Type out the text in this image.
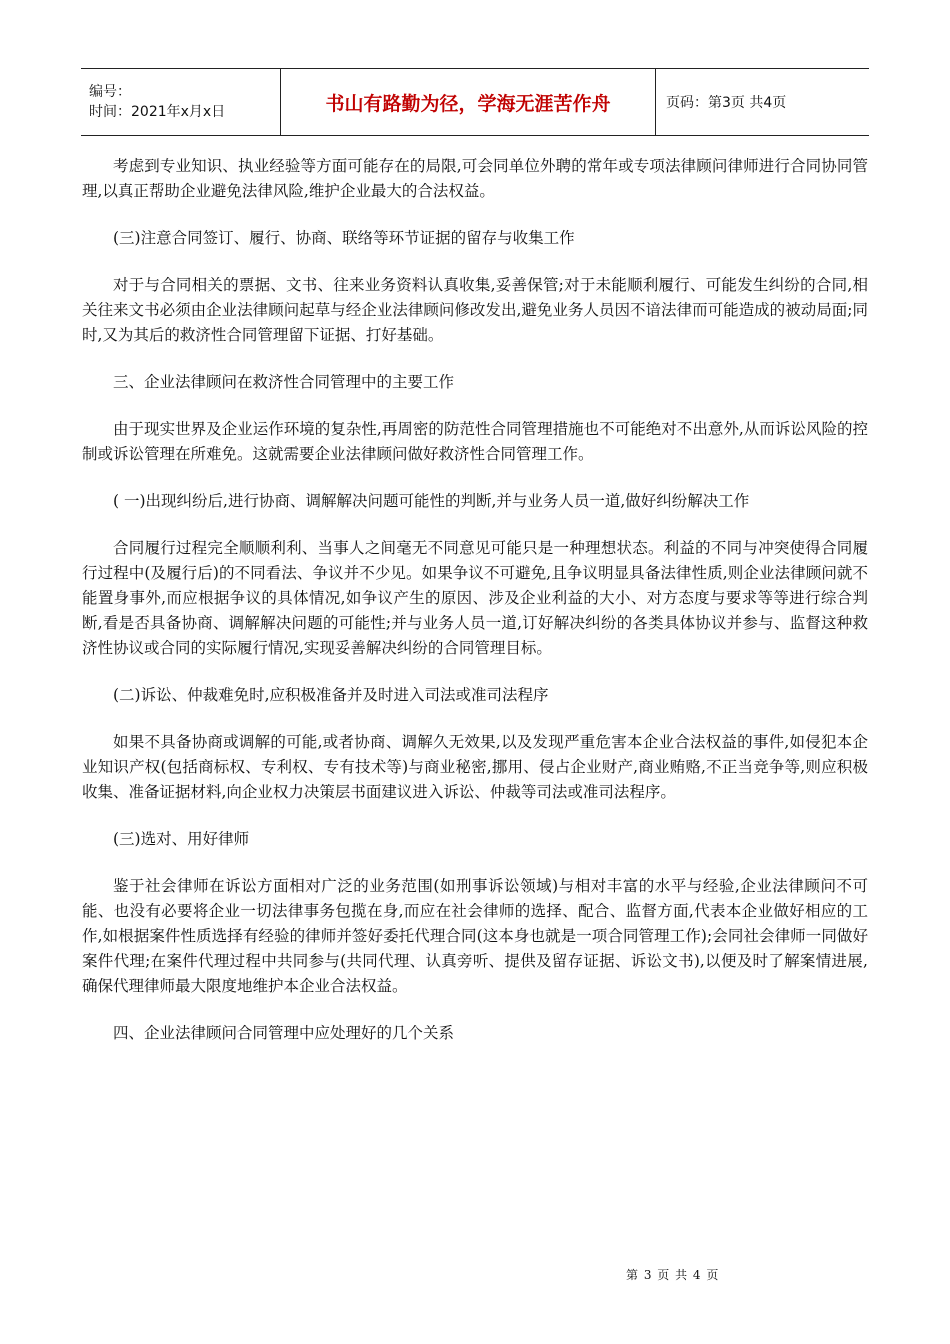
编号：
时间：2021年x月x日	书山有路勤为径，学海无涯苦作舟	页码：第3页 共4页

考虑到专业知识、执业经验等方面可能存在的局限,可会同单位外聘的常年或专项法律顾问律师进行合同协同管理,以真正帮助企业避免法律风险,维护企业最大的合法权益。

(三)注意合同签订、履行、协商、联络等环节证据的留存与收集工作

对于与合同相关的票据、文书、往来业务资料认真收集,妥善保管;对于未能顺利履行、可能发生纠纷的合同,相关往来文书必须由企业法律顾问起草与经企业法律顾问修改发出,避免业务人员因不谙法律而可能造成的被动局面;同时,又为其后的救济性合同管理留下证据、打好基础。

三、企业法律顾问在救济性合同管理中的主要工作

由于现实世界及企业运作环境的复杂性,再周密的防范性合同管理措施也不可能绝对不出意外,从而诉讼风险的控制或诉讼管理在所难免。这就需要企业法律顾问做好救济性合同管理工作。

( 一)出现纠纷后,进行协商、调解解决问题可能性的判断,并与业务人员一道,做好纠纷解决工作

合同履行过程完全顺顺利利、当事人之间毫无不同意见可能只是一种理想状态。利益的不同与冲突使得合同履行过程中(及履行后)的不同看法、争议并不少见。如果争议不可避免,且争议明显具备法律性质,则企业法律顾问就不能置身事外,而应根据争议的具体情况,如争议产生的原因、涉及企业利益的大小、对方态度与要求等等进行综合判断,看是否具备协商、调解解决问题的可能性;并与业务人员一道,订好解决纠纷的各类具体协议并参与、监督这种救济性协议或合同的实际履行情况,实现妥善解决纠纷的合同管理目标。

(二)诉讼、仲裁难免时,应积极准备并及时进入司法或准司法程序

如果不具备协商或调解的可能,或者协商、调解久无效果,以及发现严重危害本企业合法权益的事件,如侵犯本企业知识产权(包括商标权、专利权、专有技术等)与商业秘密,挪用、侵占企业财产,商业贿赂,不正当竞争等,则应积极收集、准备证据材料,向企业权力决策层书面建议进入诉讼、仲裁等司法或准司法程序。

(三)选对、用好律师

鉴于社会律师在诉讼方面相对广泛的业务范围(如刑事诉讼领域)与相对丰富的水平与经验,企业法律顾问不可能、也没有必要将企业一切法律事务包揽在身,而应在社会律师的选择、配合、监督方面,代表本企业做好相应的工作,如根据案件性质选择有经验的律师并签好委托代理合同(这本身也就是一项合同管理工作);会同社会律师一同做好案件代理;在案件代理过程中共同参与(共同代理、认真旁听、提供及留存证据、诉讼文书),以便及时了解案情进展,确保代理律师最大限度地维护本企业合法权益。

四、企业法律顾问合同管理中应处理好的几个关系

第 3 页 共 4 页
